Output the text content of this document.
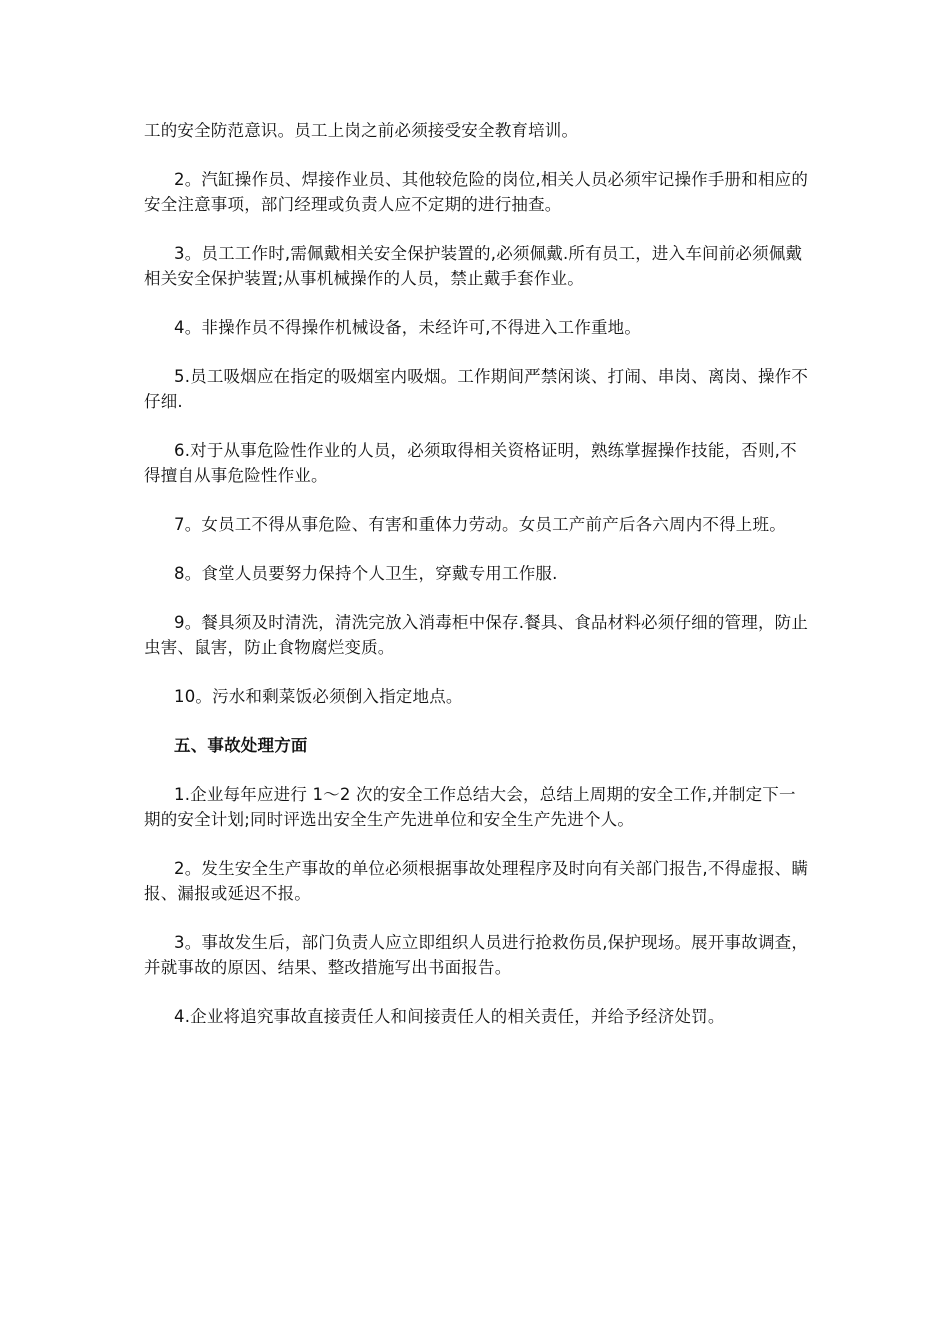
工的安全防范意识。员工上岗之前必须接受安全教育培训。

2。汽缸操作员、焊接作业员、其他较危险的岗位,相关人员必须牢记操作手册和相应的安全注意事项，部门经理或负责人应不定期的进行抽查。

3。员工工作时,需佩戴相关安全保护装置的,必须佩戴.所有员工，进入车间前必须佩戴相关安全保护装置;从事机械操作的人员，禁止戴手套作业。

4。非操作员不得操作机械设备，未经许可,不得进入工作重地。

5.员工吸烟应在指定的吸烟室内吸烟。工作期间严禁闲谈、打闹、串岗、离岗、操作不仔细.

6.对于从事危险性作业的人员，必须取得相关资格证明，熟练掌握操作技能，否则,不得擅自从事危险性作业。

7。女员工不得从事危险、有害和重体力劳动。女员工产前产后各六周内不得上班。

8。食堂人员要努力保持个人卫生，穿戴专用工作服.

9。餐具须及时清洗，清洗完放入消毒柜中保存.餐具、食品材料必须仔细的管理，防止虫害、鼠害，防止食物腐烂变质。

10。污水和剩菜饭必须倒入指定地点。

五、事故处理方面

1.企业每年应进行 1～2 次的安全工作总结大会，总结上周期的安全工作,并制定下一期的安全计划;同时评选出安全生产先进单位和安全生产先进个人。

2。发生安全生产事故的单位必须根据事故处理程序及时向有关部门报告,不得虚报、瞒报、漏报或延迟不报。

3。事故发生后，部门负责人应立即组织人员进行抢救伤员,保护现场。展开事故调查，并就事故的原因、结果、整改措施写出书面报告。

4.企业将追究事故直接责任人和间接责任人的相关责任，并给予经济处罚。
